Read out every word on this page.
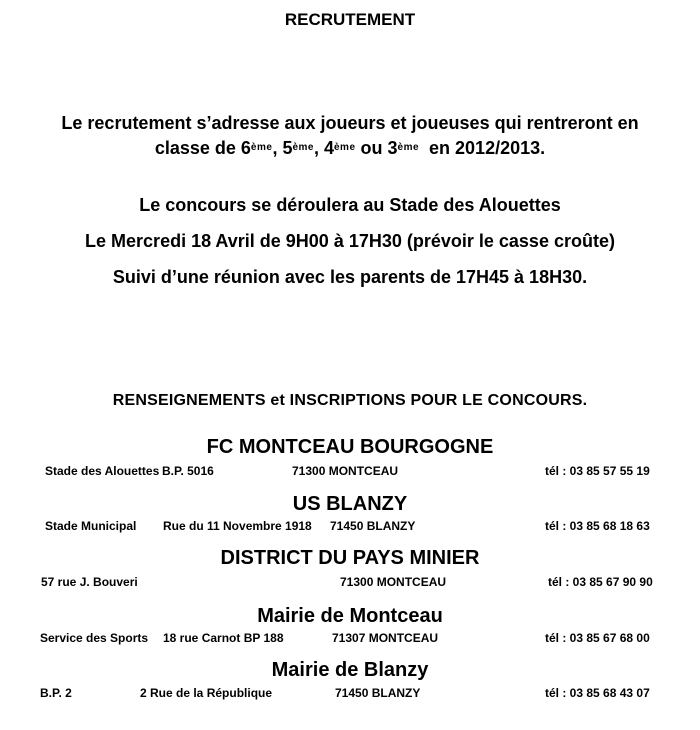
RECRUTEMENT
Le recrutement s’adresse aux joueurs et joueuses qui rentreront en
classe de 6ème, 5ème, 4ème ou 3ème  en 2012/2013.
Le concours se déroulera au Stade des Alouettes
Le Mercredi 18 Avril de 9H00 à 17H30 (prévoir le casse croûte)
Suivi d’une réunion avec les parents de 17H45 à 18H30.
RENSEIGNEMENTS et INSCRIPTIONS POUR LE CONCOURS.
FC MONTCEAU BOURGOGNE
Stade des Alouettes B.P. 5016	71300 MONTCEAU	tél : 03 85 57 55 19
US BLANZY
Stade Municipal Rue du 11 Novembre 1918 71450 BLANZY	tél : 03 85 68 18 63
DISTRICT DU PAYS MINIER
57 rue J. Bouveri	71300 MONTCEAU	tél : 03 85 67 90 90
Mairie de Montceau
Service des Sports 18 rue Carnot BP 188	71307 MONTCEAU	tél : 03 85 67 68 00
Mairie de Blanzy
B.P. 2	2 Rue de la République	71450 BLANZY	tél : 03 85 68 43 07
